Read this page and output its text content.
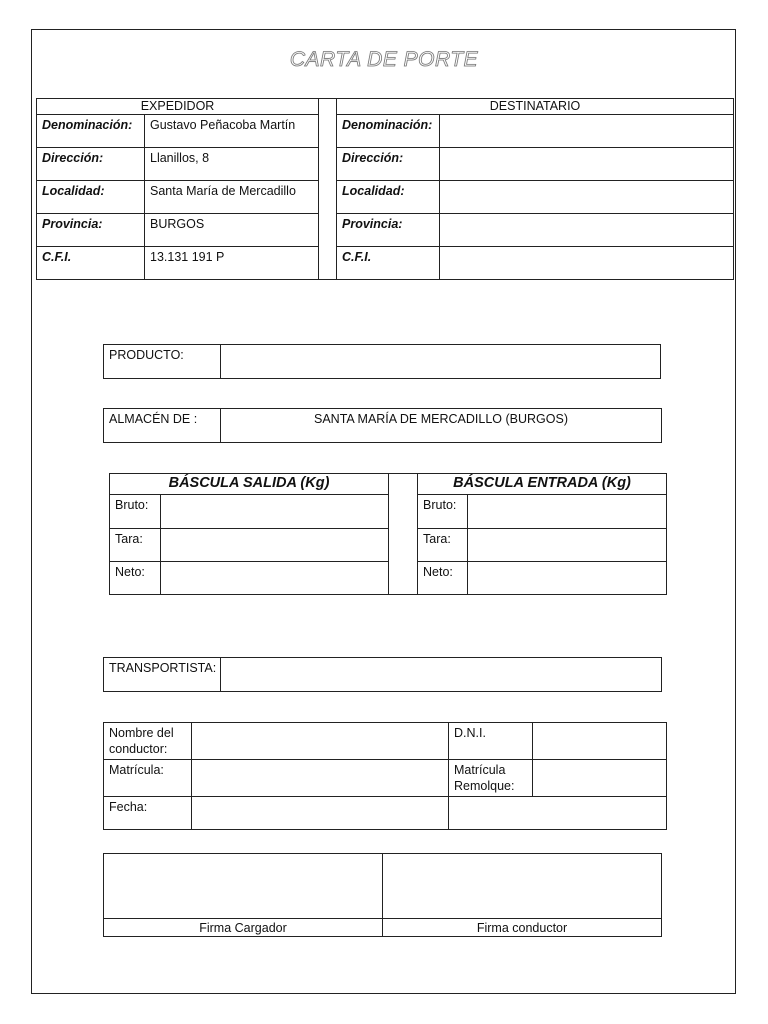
CARTA DE PORTE
EXPEDIDOR			DESTINATARIO	
Denominación:	Gustavo Peñacoba Martín		Denominación:	
Dirección:	Llanillos, 8		Dirección:	
Localidad:	Santa María de Mercadillo		Localidad:	
Provincia:	BURGOS		Provincia:	
C.F.I.	13.131 191 P		C.F.I.	
PRODUCTO:	
ALMACÉN DE :	SANTA MARÍA DE MERCADILLO (BURGOS)
BÁSCULA SALIDA (Kg)			BÁSCULA ENTRADA (Kg)	
Bruto:			Bruto:	
Tara:			Tara:	
Neto:			Neto:	
TRANSPORTISTA:	
Nombre del conductor:		D.N.I.	
Matrícula:		Matrícula Remolque:	
Fecha:			

Firma Cargador	Firma conductor
